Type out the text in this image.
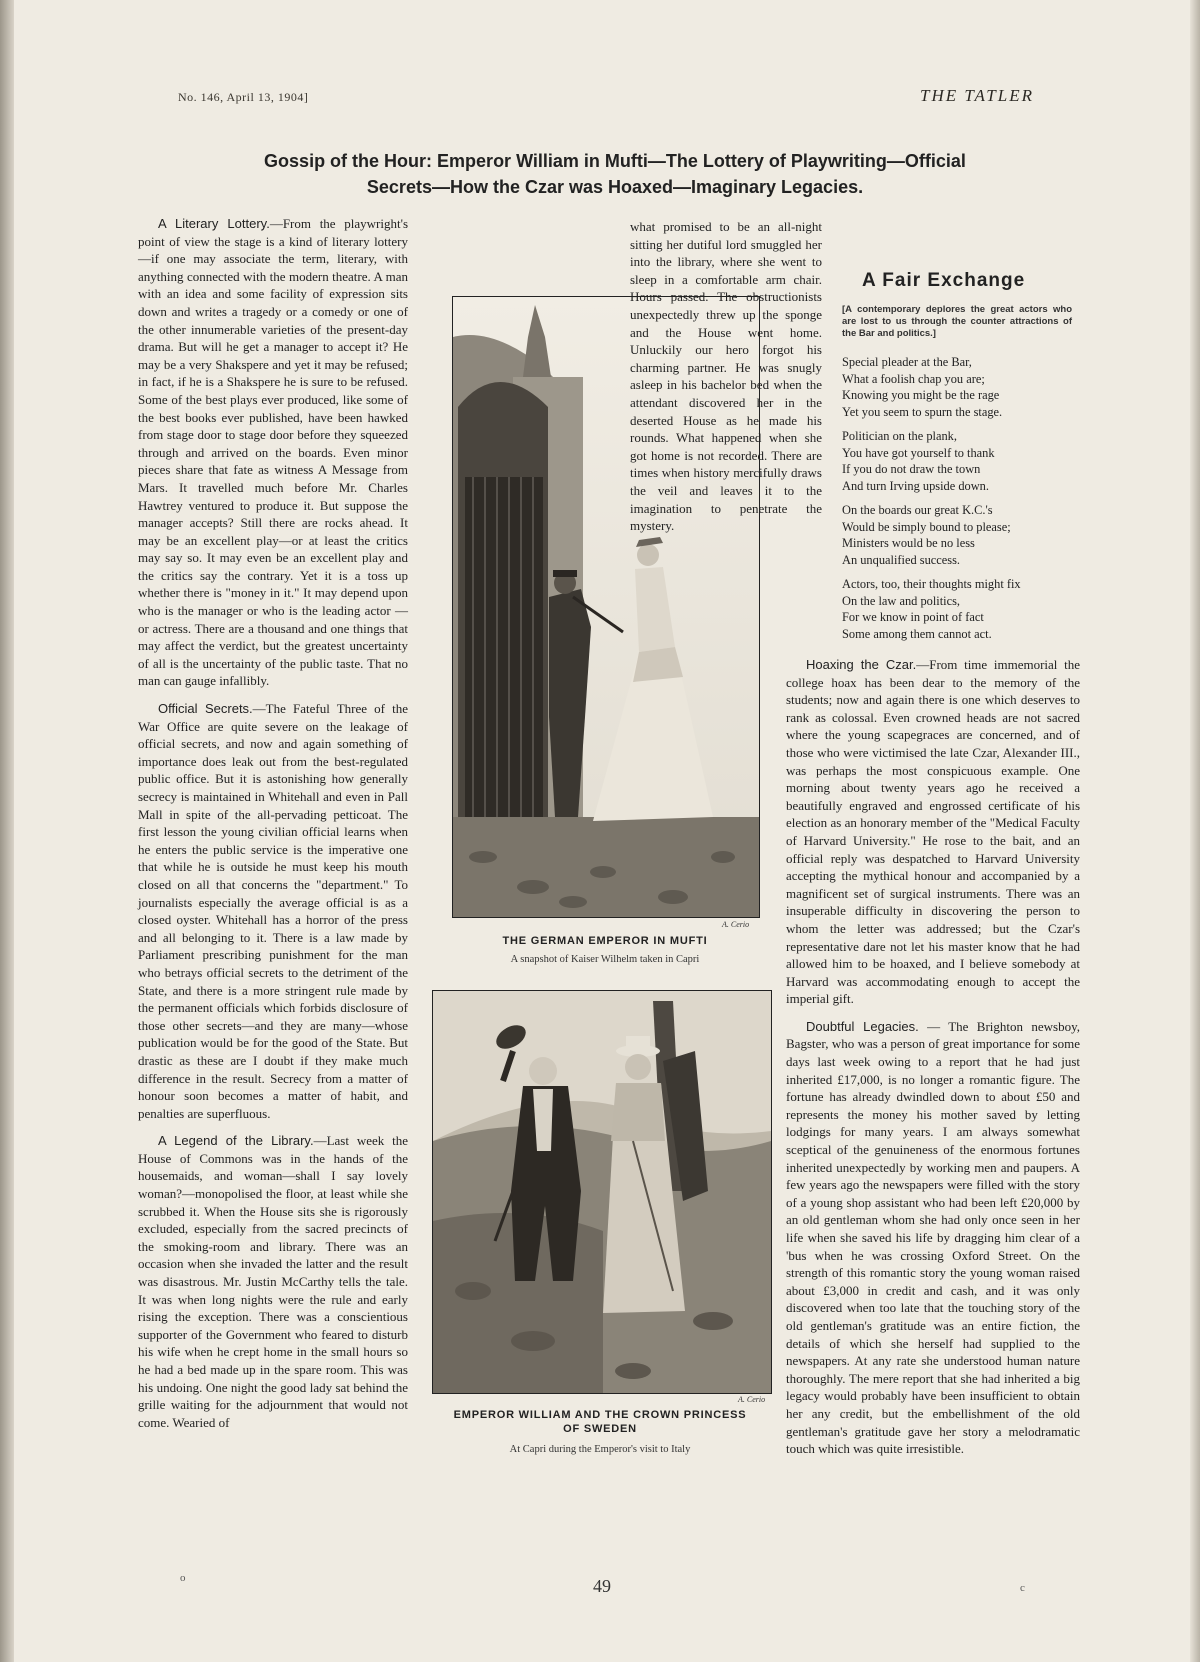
No. 146, April 13, 1904]	THE TATLER
Gossip of the Hour: Emperor William in Mufti—The Lottery of Playwriting—Official
Secrets—How the Czar was Hoaxed—Imaginary Legacies.

A Literary Lottery.—From the playwright's point of view the stage is a kind of literary lottery—if one may associate the term, literary, with anything connected with the modern theatre. A man with an idea and some facility of expression sits down and writes a tragedy or a comedy or one of the other innumerable varieties of the present-day drama. But will he get a manager to accept it? He may be a very Shakspere and yet it may be refused; in fact, if he is a Shakspere he is sure to be refused. Some of the best plays ever produced, like some of the best books ever published, have been hawked from stage door to stage door before they squeezed through and arrived on the boards. Even minor pieces share that fate as witness A Message from Mars. It travelled much before Mr. Charles Hawtrey ventured to produce it. But suppose the manager accepts? Still there are rocks ahead. It may be an excellent play—or at least the critics may say so. It may even be an excellent play and the critics say the contrary. Yet it is a toss up whether there is "money in it." It may depend upon who is the manager or who is the leading actor —or actress. There are a thousand and one things that may affect the verdict, but the greatest uncertainty of all is the uncertainty of the public taste. That no man can gauge infallibly.

Official Secrets.—The Fateful Three of the War Office are quite severe on the leakage of official secrets, and now and again something of importance does leak out from the best-regulated public office. But it is astonishing how generally secrecy is maintained in Whitehall and even in Pall Mall in spite of the all-pervading petticoat. The first lesson the young civilian official learns when he enters the public service is the imperative one that while he is outside he must keep his mouth closed on all that concerns the "department." To journalists especially the average official is as a closed oyster. Whitehall has a horror of the press and all belonging to it. There is a law made by Parliament prescribing punishment for the man who betrays official secrets to the detriment of the State, and there is a more stringent rule made by the permanent officials which forbids disclosure of those other secrets—and they are many—whose publication would be for the good of the State. But drastic as these are I doubt if they make much difference in the result. Secrecy from a matter of honour soon becomes a matter of habit, and penalties are superfluous.

A Legend of the Library.—Last week the House of Commons was in the hands of the housemaids, and woman—shall I say lovely woman?—monopolised the floor, at least while she scrubbed it. When the House sits she is rigorously excluded, especially from the sacred precincts of the smoking-room and library. There was an occasion when she invaded the latter and the result was disastrous. Mr. Justin McCarthy tells the tale. It was when long nights were the rule and early rising the exception. There was a conscientious supporter of the Government who feared to disturb his wife when he crept home in the small hours so he had a bed made up in the spare room. This was his undoing. One night the good lady sat behind the grille waiting for the adjournment that would not come. Wearied of

A. Cerio
THE GERMAN EMPEROR IN MUFTI
A snapshot of Kaiser Wilhelm taken in Capri

what promised to be an all-night sitting her dutiful lord smuggled her into the library, where she went to sleep in a comfortable arm chair. Hours passed. The obstructionists unexpectedly threw up the sponge and the House went home. Unluckily our hero forgot his charming partner. He was snugly asleep in his bachelor bed when the attendant discovered her in the deserted House as he made his rounds. What happened when she got home is not recorded. There are times when history mercifully draws the veil and leaves it to the imagination to penetrate the mystery.

A Fair Exchange
[A contemporary deplores the great actors who are lost to us through the counter attractions of the Bar and politics.]
Special pleader at the Bar,
What a foolish chap you are;
Knowing you might be the rage
Yet you seem to spurn the stage.
Politician on the plank,
You have got yourself to thank
If you do not draw the town
And turn Irving upside down.
On the boards our great K.C.'s
Would be simply bound to please;
Ministers would be no less
An unqualified success.
Actors, too, their thoughts might fix
On the law and politics,
For we know in point of fact
Some among them cannot act.

Hoaxing the Czar.—From time immemorial the college hoax has been dear to the memory of the students; now and again there is one which deserves to rank as colossal. Even crowned heads are not sacred where the young scapegraces are concerned, and of those who were victimised the late Czar, Alexander III., was perhaps the most conspicuous example. One morning about twenty years ago he received a beautifully engraved and engrossed certificate of his election as an honorary member of the "Medical Faculty of Harvard University." He rose to the bait, and an official reply was despatched to Harvard University accepting the mythical honour and accompanied by a magnificent set of surgical instruments. There was an insuperable difficulty in discovering the person to whom the letter was addressed; but the Czar's representative dare not let his master know that he had allowed him to be hoaxed, and I believe somebody at Harvard was accommodating enough to accept the imperial gift.

Doubtful Legacies. — The Brighton newsboy, Bagster, who was a person of great importance for some days last week owing to a report that he had just inherited £17,000, is no longer a romantic figure. The fortune has already dwindled down to about £50 and represents the money his mother saved by letting lodgings for many years. I am always somewhat sceptical of the genuineness of the enormous fortunes inherited unexpectedly by working men and paupers. A few years ago the newspapers were filled with the story of a young shop assistant who had been left £20,000 by an old gentleman whom she had only once seen in her life when she saved his life by dragging him clear of a 'bus when he was crossing Oxford Street. On the strength of this romantic story the young woman raised about £3,000 in credit and cash, and it was only discovered when too late that the touching story of the old gentleman's gratitude was an entire fiction, the details of which she herself had supplied to the newspapers. At any rate she understood human nature thoroughly. The mere report that she had inherited a big legacy would probably have been insufficient to obtain her any credit, but the embellishment of the old gentleman's gratitude gave her story a melodramatic touch which was quite irresistible.

A. Cerio
EMPEROR WILLIAM AND THE CROWN PRINCESS
OF SWEDEN
At Capri during the Emperor's visit to Italy
o	49	c
